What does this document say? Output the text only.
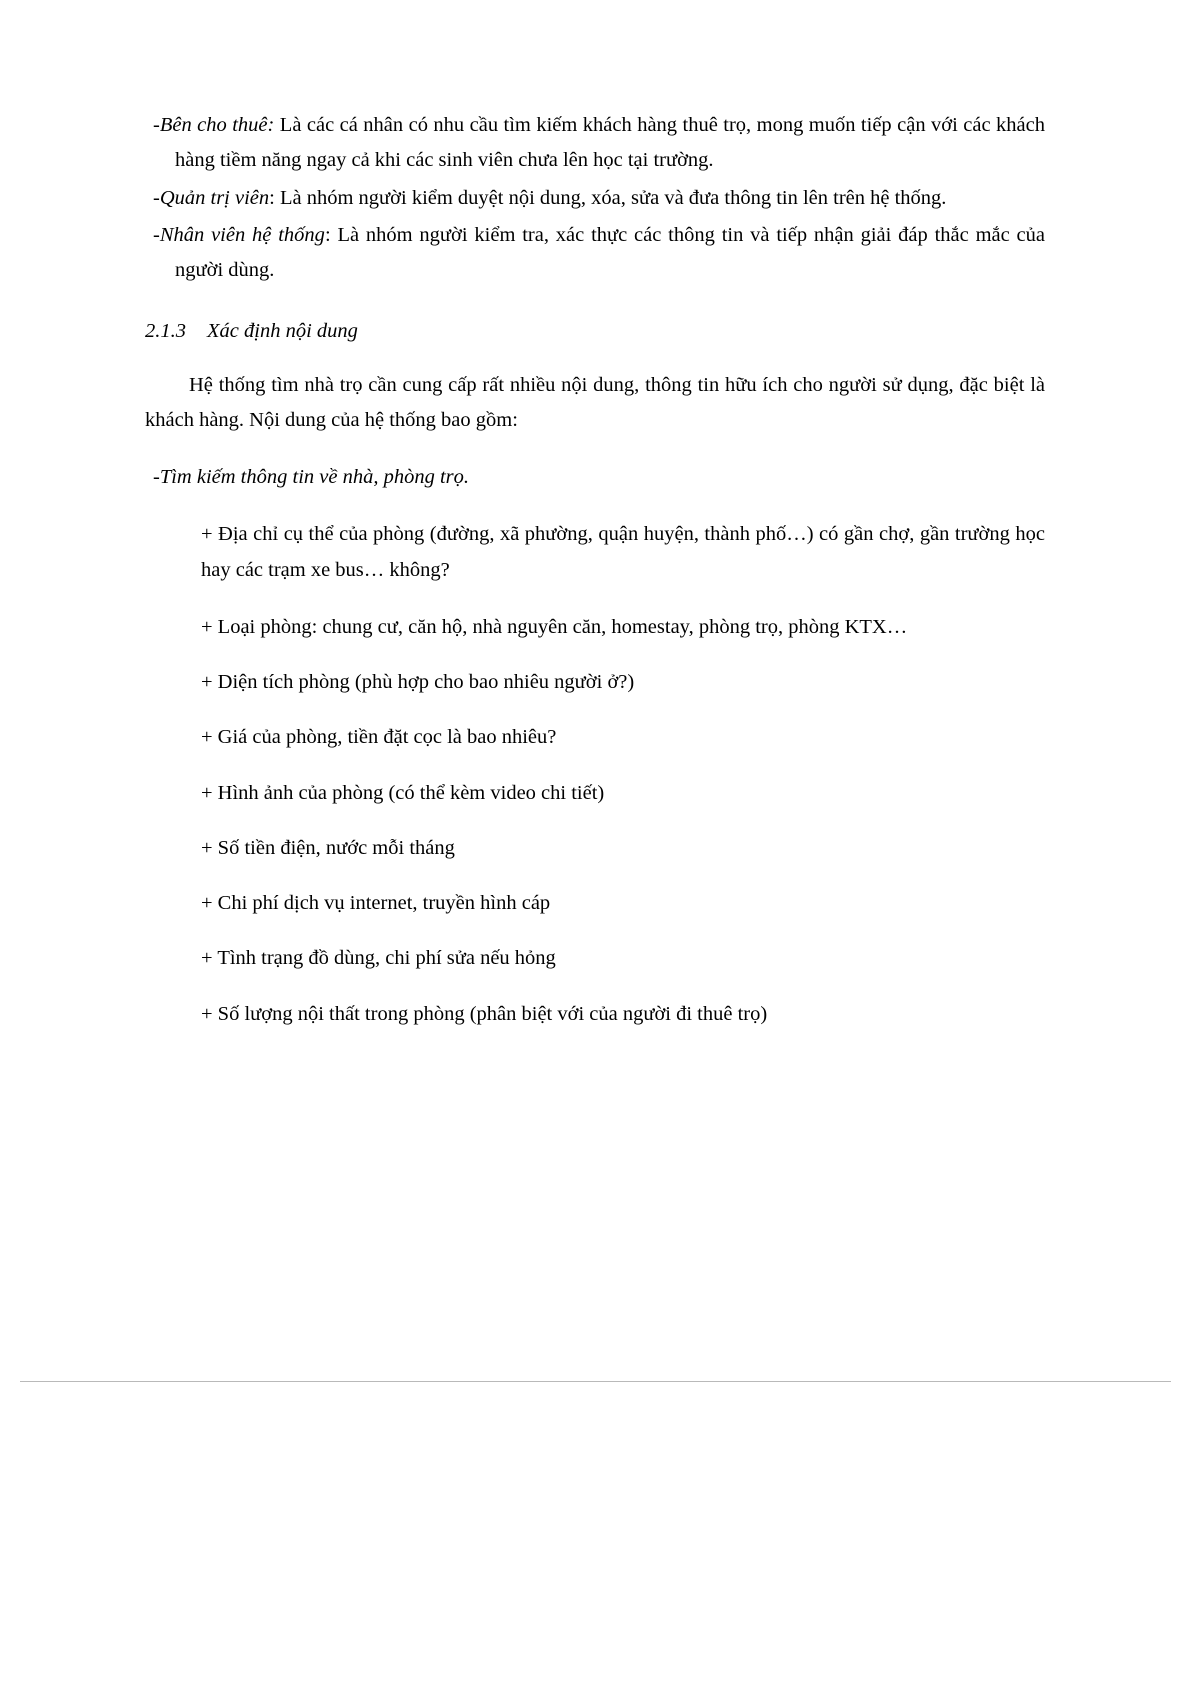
-Bên cho thuê: Là các cá nhân có nhu cầu tìm kiếm khách hàng thuê trọ, mong muốn tiếp cận với các khách hàng tiềm năng ngay cả khi các sinh viên chưa lên học tại trường.

-Quản trị viên: Là nhóm người kiểm duyệt nội dung, xóa, sửa và đưa thông tin lên trên hệ thống.

-Nhân viên hệ thống: Là nhóm người kiểm tra, xác thực các thông tin và tiếp nhận giải đáp thắc mắc của người dùng.

2.1.3 Xác định nội dung

Hệ thống tìm nhà trọ cần cung cấp rất nhiều nội dung, thông tin hữu ích cho người sử dụng, đặc biệt là khách hàng. Nội dung của hệ thống bao gồm:

-Tìm kiếm thông tin về nhà, phòng trọ.

+ Địa chỉ cụ thể của phòng (đường, xã phường, quận huyện, thành phố…) có gần chợ, gần trường học hay các trạm xe bus… không?

+ Loại phòng: chung cư, căn hộ, nhà nguyên căn, homestay, phòng trọ, phòng KTX…

+ Diện tích phòng (phù hợp cho bao nhiêu người ở?)

+ Giá của phòng, tiền đặt cọc là bao nhiêu?

+ Hình ảnh của phòng (có thể kèm video chi tiết)

+ Số tiền điện, nước mỗi tháng

+ Chi phí dịch vụ internet, truyền hình cáp

+ Tình trạng đồ dùng, chi phí sửa nếu hỏng

+ Số lượng nội thất trong phòng (phân biệt với của người đi thuê trọ)
